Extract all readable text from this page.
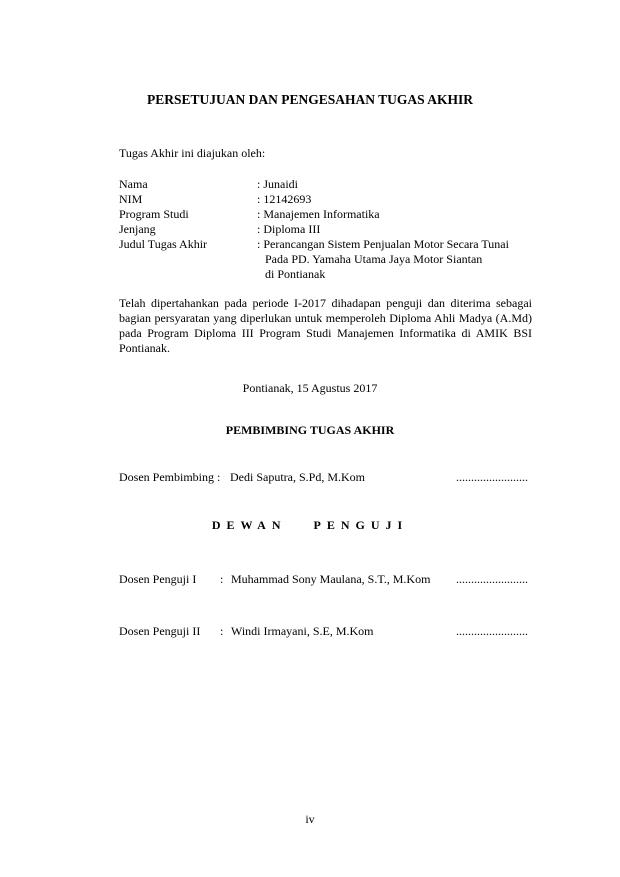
PERSETUJUAN DAN PENGESAHAN TUGAS AKHIR
Tugas Akhir ini diajukan oleh:
Nama	: Junaidi
NIM	: 12142693
Program Studi	: Manajemen Informatika
Jenjang	: Diploma III
Judul Tugas Akhir	: Perancangan Sistem Penjualan Motor Secara Tunai
Pada PD. Yamaha Utama Jaya Motor Siantan
di Pontianak
Telah dipertahankan pada periode I-2017 dihadapan penguji dan diterima sebagai bagian persyaratan yang diperlukan untuk memperoleh Diploma Ahli Madya (A.Md) pada Program Diploma III Program Studi Manajemen Informatika di AMIK BSI Pontianak.
Pontianak, 15 Agustus 2017
PEMBIMBING TUGAS AKHIR
Dosen Pembimbing : Dedi Saputra, S.Pd, M.Kom	........................
DEWAN PENGUJI
Dosen Penguji I : Muhammad Sony Maulana, S.T., M.Kom ........................
Dosen Penguji II : Windi Irmayani, S.E, M.Kom	........................
iv
